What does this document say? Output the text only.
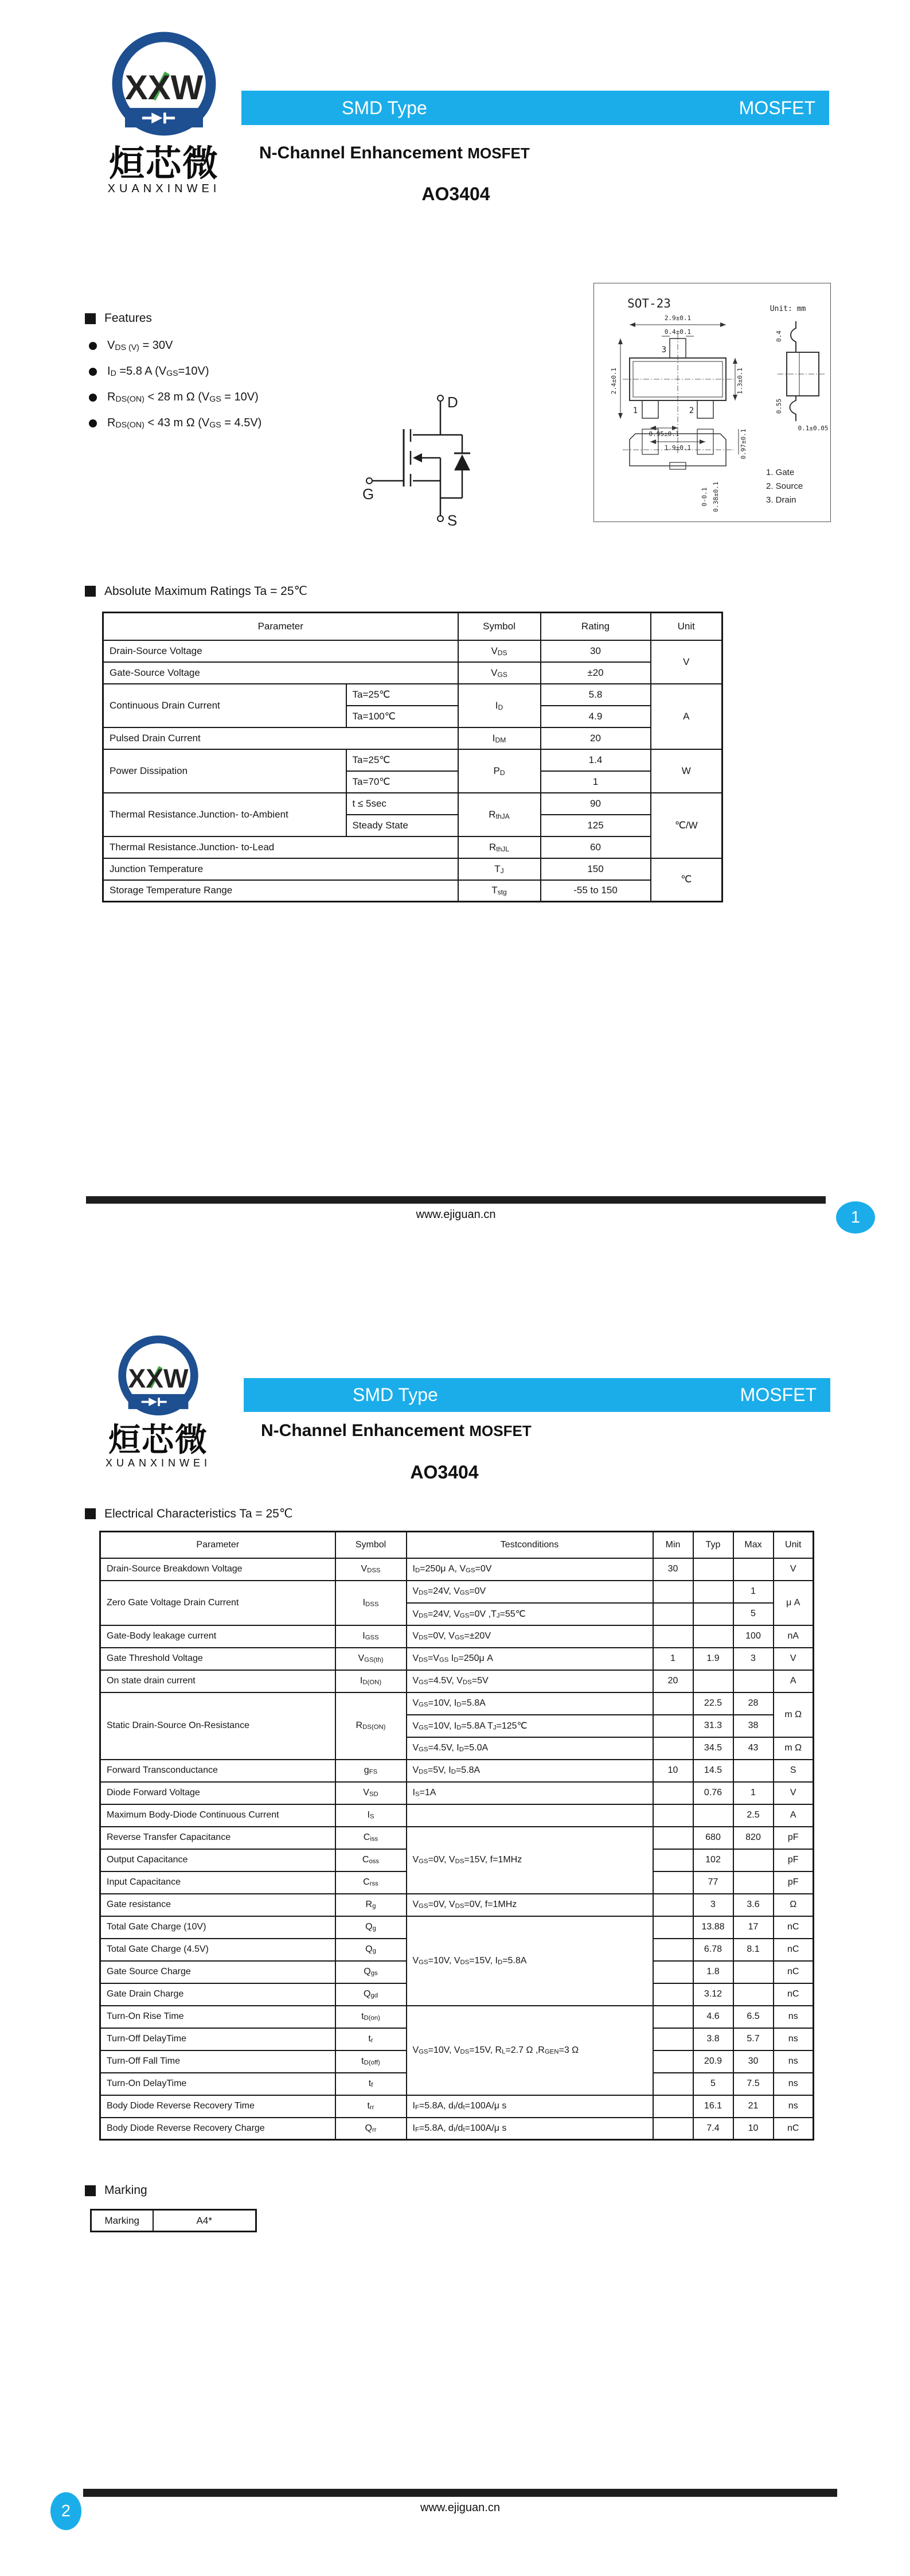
XXW
烜芯微
XUANXINWEI
SMD Type	MOSFET
N-Channel Enhancement MOSFET
AO3404
Features
VDS (V) = 30V
ID =5.8 A (VGS=10V)
RDS(ON) < 28 m Ω (VGS = 10V)
RDS(ON) < 43 m Ω (VGS = 4.5V)
D
G
S
SOT-23	Unit: mm
2.9±0.1
0.4±0.1
2.4±0.1	1.3±0.1
0.95±0.1
1.9±0.1
0.4
0.55
0.1±0.05
0.97±0.1
0-0.1 0.38±0.1
3
1	2
1. Gate
2. Source
3. Drain
Absolute Maximum Ratings Ta = 25℃
Parameter		Symbol	Rating	Unit
Drain-Source Voltage		VDS	30	V
Gate-Source Voltage		VGS	±20	
Continuous Drain Current	Ta=25℃	ID	5.8	A
	Ta=100℃		4.9	
Pulsed Drain Current		IDM	20	
Power Dissipation	Ta=25℃	PD	1.4	W
	Ta=70℃		1	
Thermal Resistance.Junction- to-Ambient	t ≤ 5sec	RthJA	90	℃/W
	Steady State		125	
Thermal Resistance.Junction- to-Lead		RthJL	60	
Junction Temperature		TJ	150	℃
Storage Temperature Range		Tstg	-55 to 150	
www.ejiguan.cn	1
XXW
烜芯微
XUANXINWEI
SMD Type	MOSFET
N-Channel Enhancement MOSFET
AO3404
Electrical Characteristics Ta = 25℃
Parameter	Symbol	Testconditions	Min	Typ	Max	Unit
Drain-Source Breakdown Voltage	VDSS	ID=250μ A, VGS=0V	30			V
Zero Gate Voltage Drain Current	IDSS	VDS=24V, VGS=0V			1	μ A
		VDS=24V, VGS=0V ,TJ=55℃			5	
Gate-Body leakage current	IGSS	VDS=0V, VGS=±20V			100	nA
Gate Threshold Voltage	VGS(th)	VDS=VGS ID=250μ A	1	1.9	3	V
On state drain current	ID(ON)	VGS=4.5V, VDS=5V	20			A
Static Drain-Source On-Resistance	RDS(ON)	VGS=10V, ID=5.8A		22.5	28	m Ω
		VGS=10V, ID=5.8A TJ=125℃		31.3	38	
		VGS=4.5V, ID=5.0A		34.5	43	m Ω
Forward Transconductance	gFS	VDS=5V, ID=5.8A	10	14.5		S
Diode Forward Voltage	VSD	IS=1A		0.76	1	V
Maximum Body-Diode Continuous Current	IS				2.5	A
Reverse Transfer Capacitance	Ciss	VGS=0V, VDS=15V, f=1MHz		680	820	pF
Output Capacitance	Coss			102		pF
Input Capacitance	Crss			77		pF
Gate resistance	Rg	VGS=0V, VDS=0V, f=1MHz		3	3.6	Ω
Total Gate Charge (10V)	Qg	VGS=10V, VDS=15V, ID=5.8A		13.88	17	nC
Total Gate Charge (4.5V)	Qg			6.78	8.1	nC
Gate Source Charge	Qgs			1.8		nC
Gate Drain Charge	Qgd			3.12		nC
Turn-On Rise Time	tD(on)	VGS=10V, VDS=15V, RL=2.7 Ω ,RGEN=3 Ω		4.6	6.5	ns
Turn-Off DelayTime	tr			3.8	5.7	ns
Turn-Off Fall Time	tD(off)			20.9	30	ns
Turn-On DelayTime	tf			5	7.5	ns
Body Diode Reverse Recovery Time	trr	IF=5.8A, dI/dt=100A/μ s		16.1	21	ns
Body Diode Reverse Recovery Charge	Qrr	IF=5.8A, dI/dt=100A/μ s		7.4	10	nC
Marking
Marking	A4*
www.ejiguan.cn
2
